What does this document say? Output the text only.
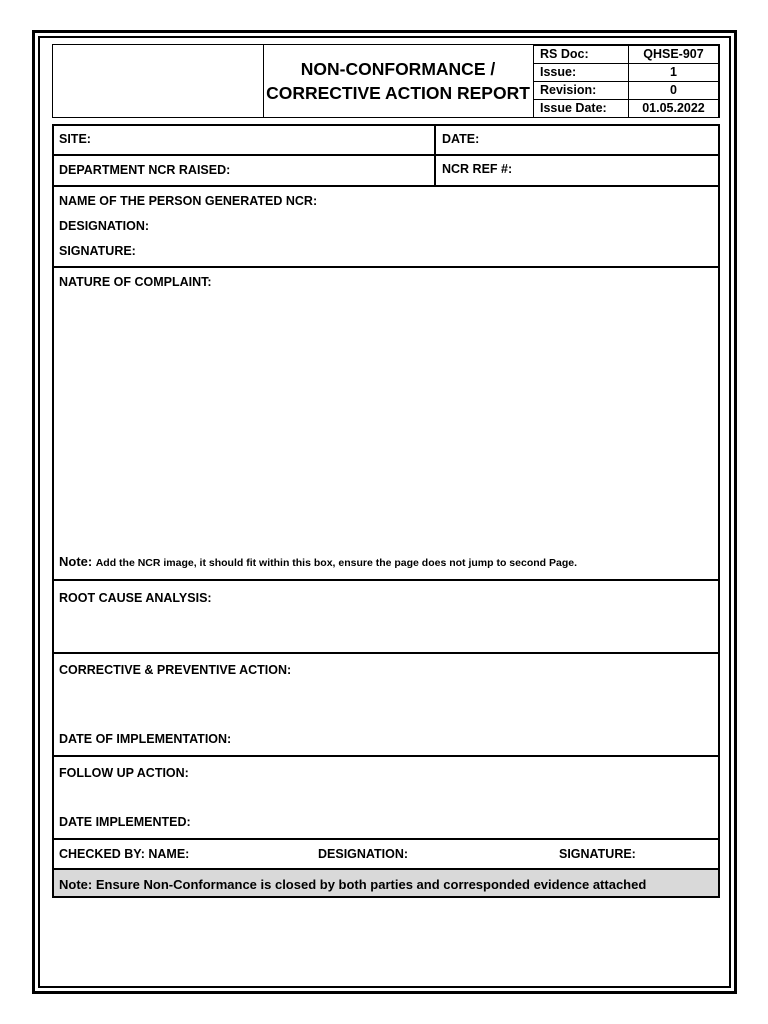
NON-CONFORMANCE /
CORRECTIVE ACTION REPORT
RS Doc:	QHSE-907
Issue:	1
Revision:	0
Issue Date:	01.05.2022
SITE:	DATE:
DEPARTMENT NCR RAISED:	NCR REF #:
NAME OF THE PERSON GENERATED NCR:
DESIGNATION:
SIGNATURE:
NATURE OF COMPLAINT:
Note: Add the NCR image, it should fit within this box, ensure the page does not jump to second Page.
ROOT CAUSE ANALYSIS:
CORRECTIVE & PREVENTIVE ACTION:
DATE OF IMPLEMENTATION:
FOLLOW UP ACTION:
DATE IMPLEMENTED:
CHECKED BY: NAME:	DESIGNATION:	SIGNATURE:
Note: Ensure Non-Conformance is closed by both parties and corresponded evidence attached
